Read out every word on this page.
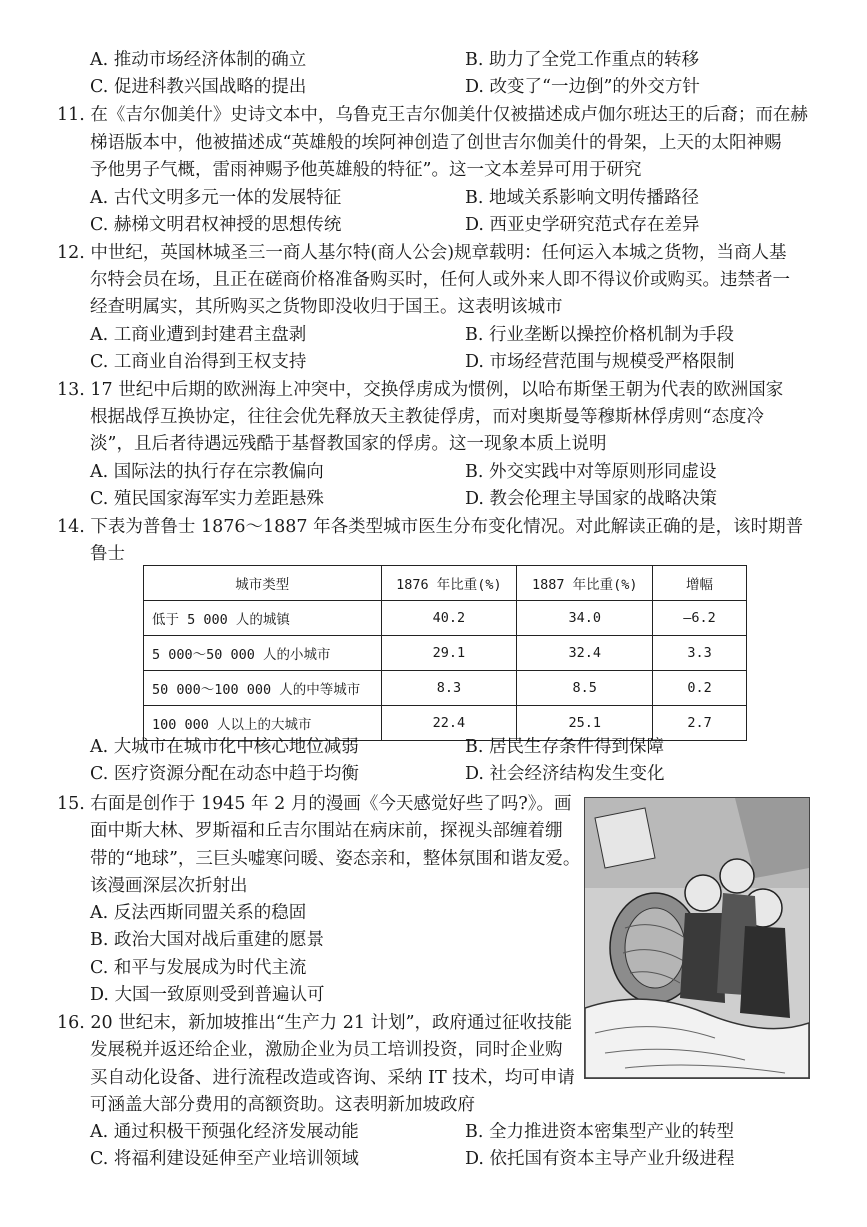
A. 推动市场经济体制的确立	B. 助力了全党工作重点的转移
C. 促进科教兴国战略的提出	D. 改变了“一边倒”的外交方针
11. 在《吉尔伽美什》史诗文本中，乌鲁克王吉尔伽美什仅被描述成卢伽尔班达王的后裔；而在赫
梯语版本中，他被描述成“英雄般的埃阿神创造了创世吉尔伽美什的骨架，上天的太阳神赐
予他男子气概，雷雨神赐予他英雄般的特征”。这一文本差异可用于研究
A. 古代文明多元一体的发展特征	B. 地域关系影响文明传播路径
C. 赫梯文明君权神授的思想传统	D. 西亚史学研究范式存在差异
12. 中世纪，英国林城圣三一商人基尔特(商人公会)规章载明：任何运入本城之货物，当商人基
尔特会员在场，且正在磋商价格准备购买时，任何人或外来人即不得议价或购买。违禁者一
经查明属实，其所购买之货物即没收归于国王。这表明该城市
A. 工商业遭到封建君主盘剥	B. 行业垄断以操控价格机制为手段
C. 工商业自治得到王权支持	D. 市场经营范围与规模受严格限制
13. 17 世纪中后期的欧洲海上冲突中，交换俘虏成为惯例，以哈布斯堡王朝为代表的欧洲国家
根据战俘互换协定，往往会优先释放天主教徒俘虏，而对奥斯曼等穆斯林俘虏则“态度冷
淡”，且后者待遇远残酷于基督教国家的俘虏。这一现象本质上说明
A. 国际法的执行存在宗教偏向	B. 外交实践中对等原则形同虚设
C. 殖民国家海军实力差距悬殊	D. 教会伦理主导国家的战略决策
14. 下表为普鲁士 1876～1887 年各类型城市医生分布变化情况。对此解读正确的是，该时期普
鲁士
城市类型	1876 年比重(%)	1887 年比重(%)	增幅
低于 5 000 人的城镇	40.2	34.0	—6.2
5 000～50 000 人的小城市	29.1	32.4	3.3
50 000～100 000 人的中等城市	8.3	8.5	0.2
100 000 人以上的大城市	22.4	25.1	2.7
A. 大城市在城市化中核心地位减弱	B. 居民生存条件得到保障
C. 医疗资源分配在动态中趋于均衡	D. 社会经济结构发生变化
15. 右面是创作于 1945 年 2 月的漫画《今天感觉好些了吗?》。画
面中斯大林、罗斯福和丘吉尔围站在病床前，探视头部缠着绷
带的“地球”，三巨头嘘寒问暖、姿态亲和，整体氛围和谐友爱。
该漫画深层次折射出
A. 反法西斯同盟关系的稳固
B. 政治大国对战后重建的愿景
C. 和平与发展成为时代主流
D. 大国一致原则受到普遍认可
16. 20 世纪末，新加坡推出“生产力 21 计划”，政府通过征收技能
发展税并返还给企业，激励企业为员工培训投资，同时企业购
买自动化设备、进行流程改造或咨询、采纳 IT 技术，均可申请
可涵盖大部分费用的高额资助。这表明新加坡政府
A. 通过积极干预强化经济发展动能	B. 全力推进资本密集型产业的转型
C. 将福利建设延伸至产业培训领域	D. 依托国有资本主导产业升级进程
